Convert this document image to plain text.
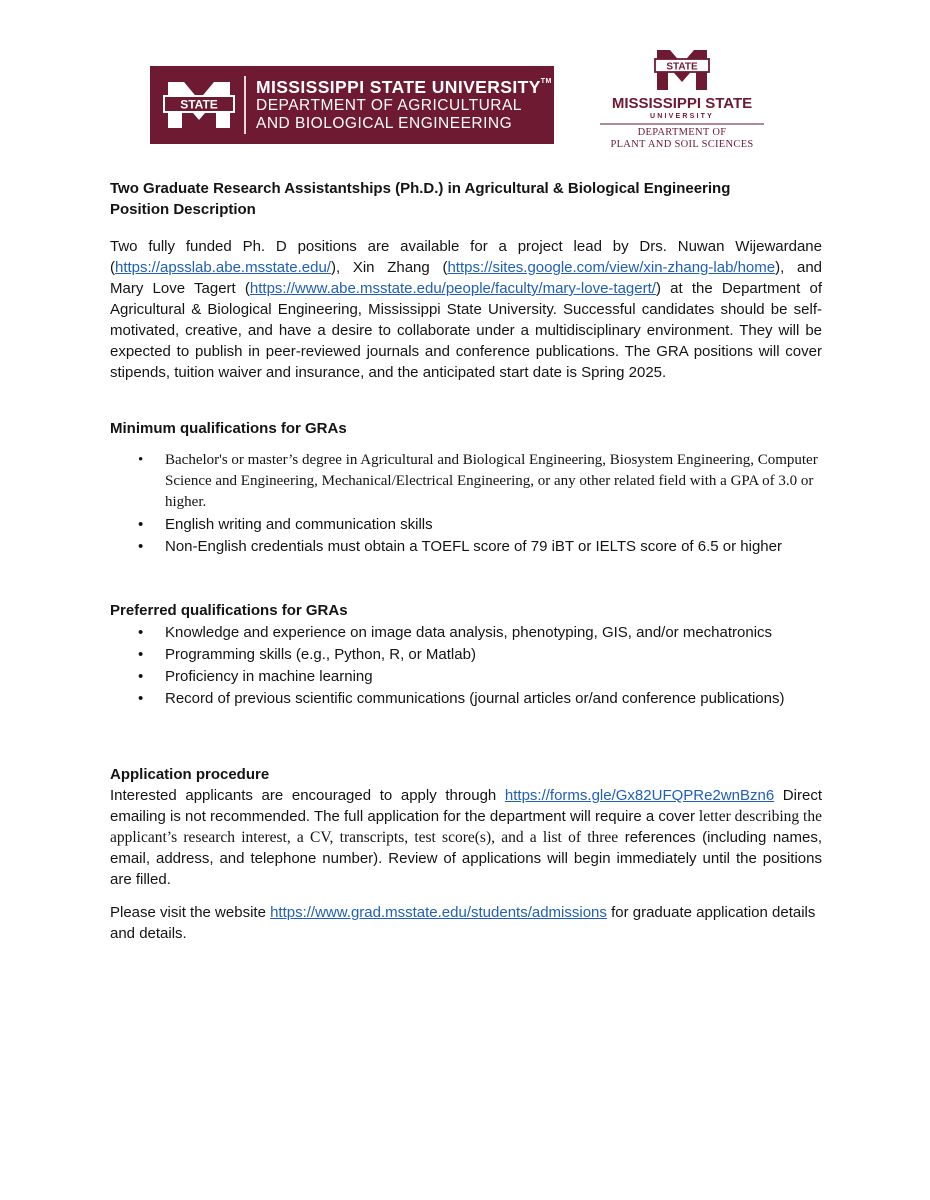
STATE
MISSISSIPPI STATE UNIVERSITY™
DEPARTMENT OF AGRICULTURAL
AND BIOLOGICAL ENGINEERING
STATE
MISSISSIPPI STATE
UNIVERSITY
DEPARTMENT OF
PLANT AND SOIL SCIENCES
Two Graduate Research Assistantships (Ph.D.) in Agricultural & Biological Engineering
Position Description
Two fully funded Ph. D positions are available for a project lead by Drs. Nuwan Wijewardane (https://apsslab.abe.msstate.edu/), Xin Zhang (https://sites.google.com/view/xin-zhang-lab/home), and Mary Love Tagert (https://www.abe.msstate.edu/people/faculty/mary-love-tagert/) at the Department of Agricultural & Biological Engineering, Mississippi State University. Successful candidates should be self-motivated, creative, and have a desire to collaborate under a multidisciplinary environment. They will be expected to publish in peer-reviewed journals and conference publications. The GRA positions will cover stipends, tuition waiver and insurance, and the anticipated start date is Spring 2025.
Minimum qualifications for GRAs
• Bachelor's or master’s degree in Agricultural and Biological Engineering, Biosystem Engineering, Computer Science and Engineering, Mechanical/Electrical Engineering, or any other related field with a GPA of 3.0 or higher.
• English writing and communication skills
• Non-English credentials must obtain a TOEFL score of 79 iBT or IELTS score of 6.5 or higher
Preferred qualifications for GRAs
• Knowledge and experience on image data analysis, phenotyping, GIS, and/or mechatronics
• Programming skills (e.g., Python, R, or Matlab)
• Proficiency in machine learning
• Record of previous scientific communications (journal articles or/and conference publications)
Application procedure
Interested applicants are encouraged to apply through https://forms.gle/Gx82UFQPRe2wnBzn6 Direct emailing is not recommended. The full application for the department will require a cover letter describing the applicant’s research interest, a CV, transcripts, test score(s), and a list of three references (including names, email, address, and telephone number). Review of applications will begin immediately until the positions are filled.
Please visit the website https://www.grad.msstate.edu/students/admissions for graduate application details and details.
